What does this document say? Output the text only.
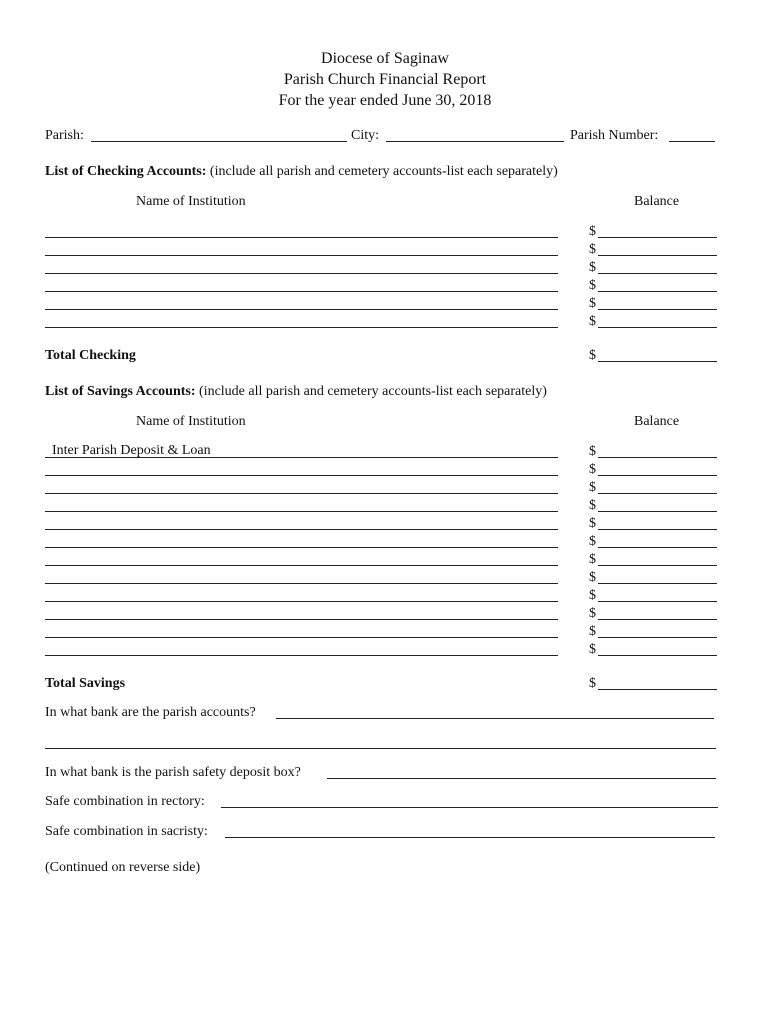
Diocese of Saginaw
Parish Church Financial Report
For the year ended June 30, 2018
Parish:	City:	Parish Number:
List of Checking Accounts: (include all parish and cemetery accounts-list each separately)
Name of Institution	Balance
$
$
$
$
$
$
Total Checking	$
List of Savings Accounts: (include all parish and cemetery accounts-list each separately)
Name of Institution	Balance
Inter Parish Deposit & Loan	$
$
$
$
$
$
$
$
$
$
$
$
Total Savings	$
In what bank are the parish accounts?
In what bank is the parish safety deposit box?
Safe combination in rectory:
Safe combination in sacristy:
(Continued on reverse side)
